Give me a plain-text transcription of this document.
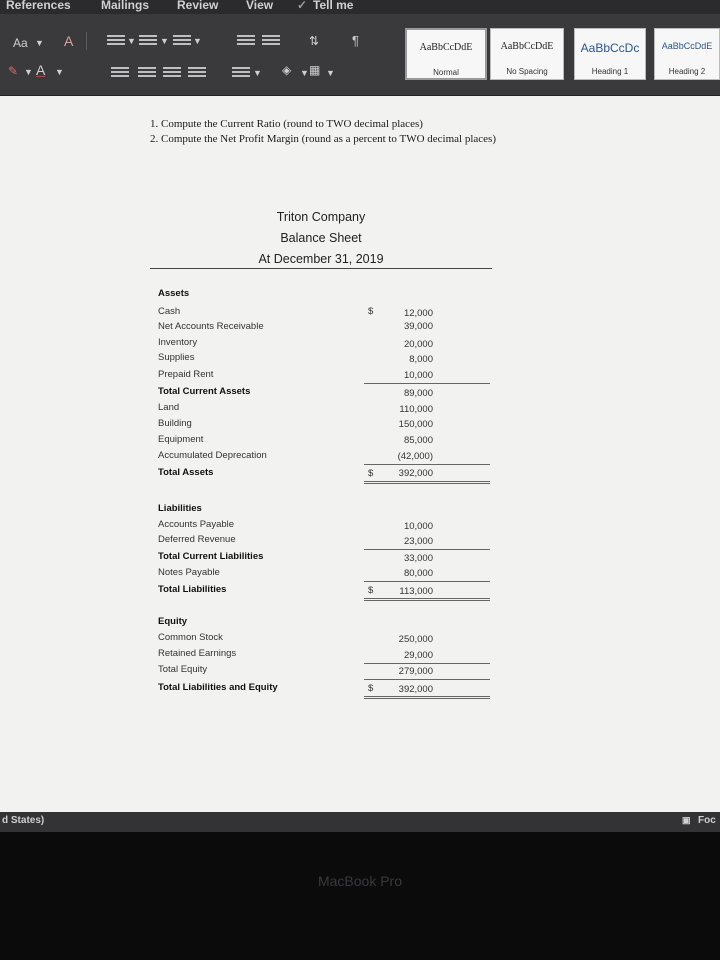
References	Mailings Review View ✓ Tell me
Aa ▼ A	▼	▼	▼	⇅	¶
✎ ▼ A ▼	▼ ◈ ▼ ▦ ▼
AaBbCcDdE
Normal
AaBbCcDdE
No Spacing
AaBbCcDc
Heading 1
AaBbCcDdE
Heading 2
1. Compute the Current Ratio (round to TWO decimal places)
2. Compute the Net Profit Margin (round as a percent to TWO decimal places)
Triton Company
Balance Sheet
At December 31, 2019
Assets
$
Cash	12,000
Net Accounts Receivable	39,000
Inventory	20,000
Supplies	8,000
Prepaid Rent	10,000
Total Current Assets	89,000
Land	110,000
Building	150,000
Equipment	85,000
Accumulated Deprecation	(42,000)
Total Assets	$	392,000
Liabilities
Accounts Payable	10,000
Deferred Revenue	23,000
Total Current Liabilities	33,000
Notes Payable	80,000
Total Liabilities	$	113,000
Equity
Common Stock	250,000
Retained Earnings	29,000
Total Equity	279,000
Total Liabilities and Equity	$	392,000
d States)	▣ Foc
MacBook Pro
